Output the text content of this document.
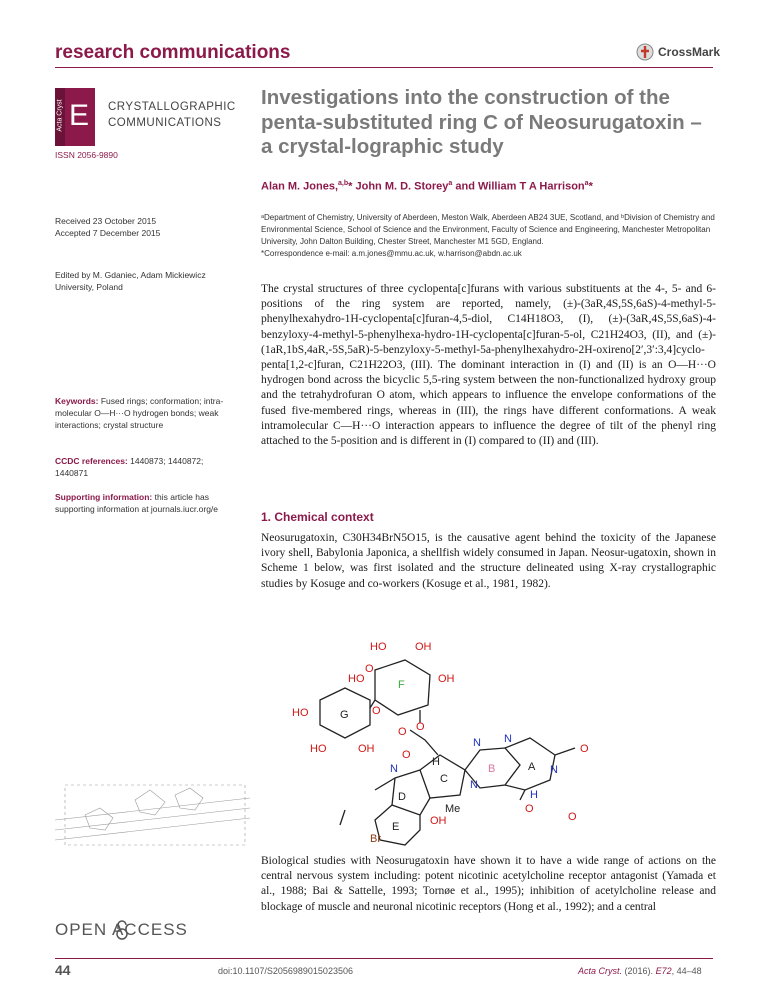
research communications	CrossMark
Acta Cryst E CRYSTALLOGRAPHIC
COMMUNICATIONS
ISSN 2056-9890
Investigations into the construction of the penta-substituted ring C of Neosurugatoxin – a crystal-lographic study
Alan M. Jones,$^{a,b}$* John M. D. Storey$^a$ and William T A Harrison$^a$*
Received 23 October 2015
Accepted 7 December 2015
Edited by M. Gdaniec, Adam Mickiewicz University, Poland
Keywords: Fused rings; conformation; intra-molecular O—H···O hydrogen bonds; weak interactions; crystal structure
CCDC references: 1440873; 1440872; 1440871
Supporting information: this article has supporting information at journals.iucr.org/e
ᵃDepartment of Chemistry, University of Aberdeen, Meston Walk, Aberdeen AB24 3UE, Scotland, and ᵇDivision of Chemistry and Environmental Science, School of Science and the Environment, Faculty of Science and Engineering, Manchester Metropolitan University, John Dalton Building, Chester Street, Manchester M1 5GD, England.
*Correspondence e-mail: a.m.jones@mmu.ac.uk, w.harrison@abdn.ac.uk
The crystal structures of three cyclopenta[c]furans with various substituents at the 4-, 5- and 6-positions of the ring system are reported, namely, (±)-(3aR,4S,5S,6aS)-4-methyl-5-phenylhexahydro-1H-cyclopenta[c]furan-4,5-diol, C14H18O3, (I), (±)-(3aR,4S,5S,6aS)-4-benzyloxy-4-methyl-5-phenylhexa-hydro-1H-cyclopenta[c]furan-5-ol, C21H24O3, (II), and (±)-(1aR,1bS,4aR,-5S,5aR)-5-benzyloxy-5-methyl-5a-phenylhexahydro-2H-oxireno[2′,3′:3,4]cyclo-penta[1,2-c]furan, C21H22O3, (III). The dominant interaction in (I) and (II) is an O—H···O hydrogen bond across the bicyclic 5,5-ring system between the non-functionalized hydroxy group and the tetrahydrofuran O atom, which appears to influence the envelope conformations of the fused five-membered rings, whereas in (III), the rings have different conformations. A weak intramolecular C—H···O interaction appears to influence the degree of tilt of the phenyl ring attached to the 5-position and is different in (I) compared to (II) and (III).
1. Chemical context
Neosurugatoxin, C30H34BrN5O15, is the causative agent behind the toxicity of the Japanese ivory shell, Babylonia Japonica, a shellfish widely consumed in Japan. Neosur-ugatoxin, shown in Scheme 1 below, was first isolated and the structure delineated using X-ray crystallographic studies by Kosuge and co-workers (Kosuge et al., 1981, 1982).
HO	OH
HO	OH
F
O
HO	G O
O
HO	OH
O
H
N N
O
B	N
C
A
O
N
D
E
N
Me
O
OH	O
Br
H
Biological studies with Neosurugatoxin have shown it to have a wide range of actions on the central nervous system including: potent nicotinic acetylcholine receptor antagonist (Yamada et al., 1988; Bai & Sattelle, 1993; Tornøe et al., 1995); inhibition of acetylcholine release and blockage of muscle and neuronal nicotinic receptors (Hong et al., 1992); and a central
OPEN ACCESS
44	doi:10.1107/S2056989015023506	Acta Cryst. (2016). E72, 44–48
